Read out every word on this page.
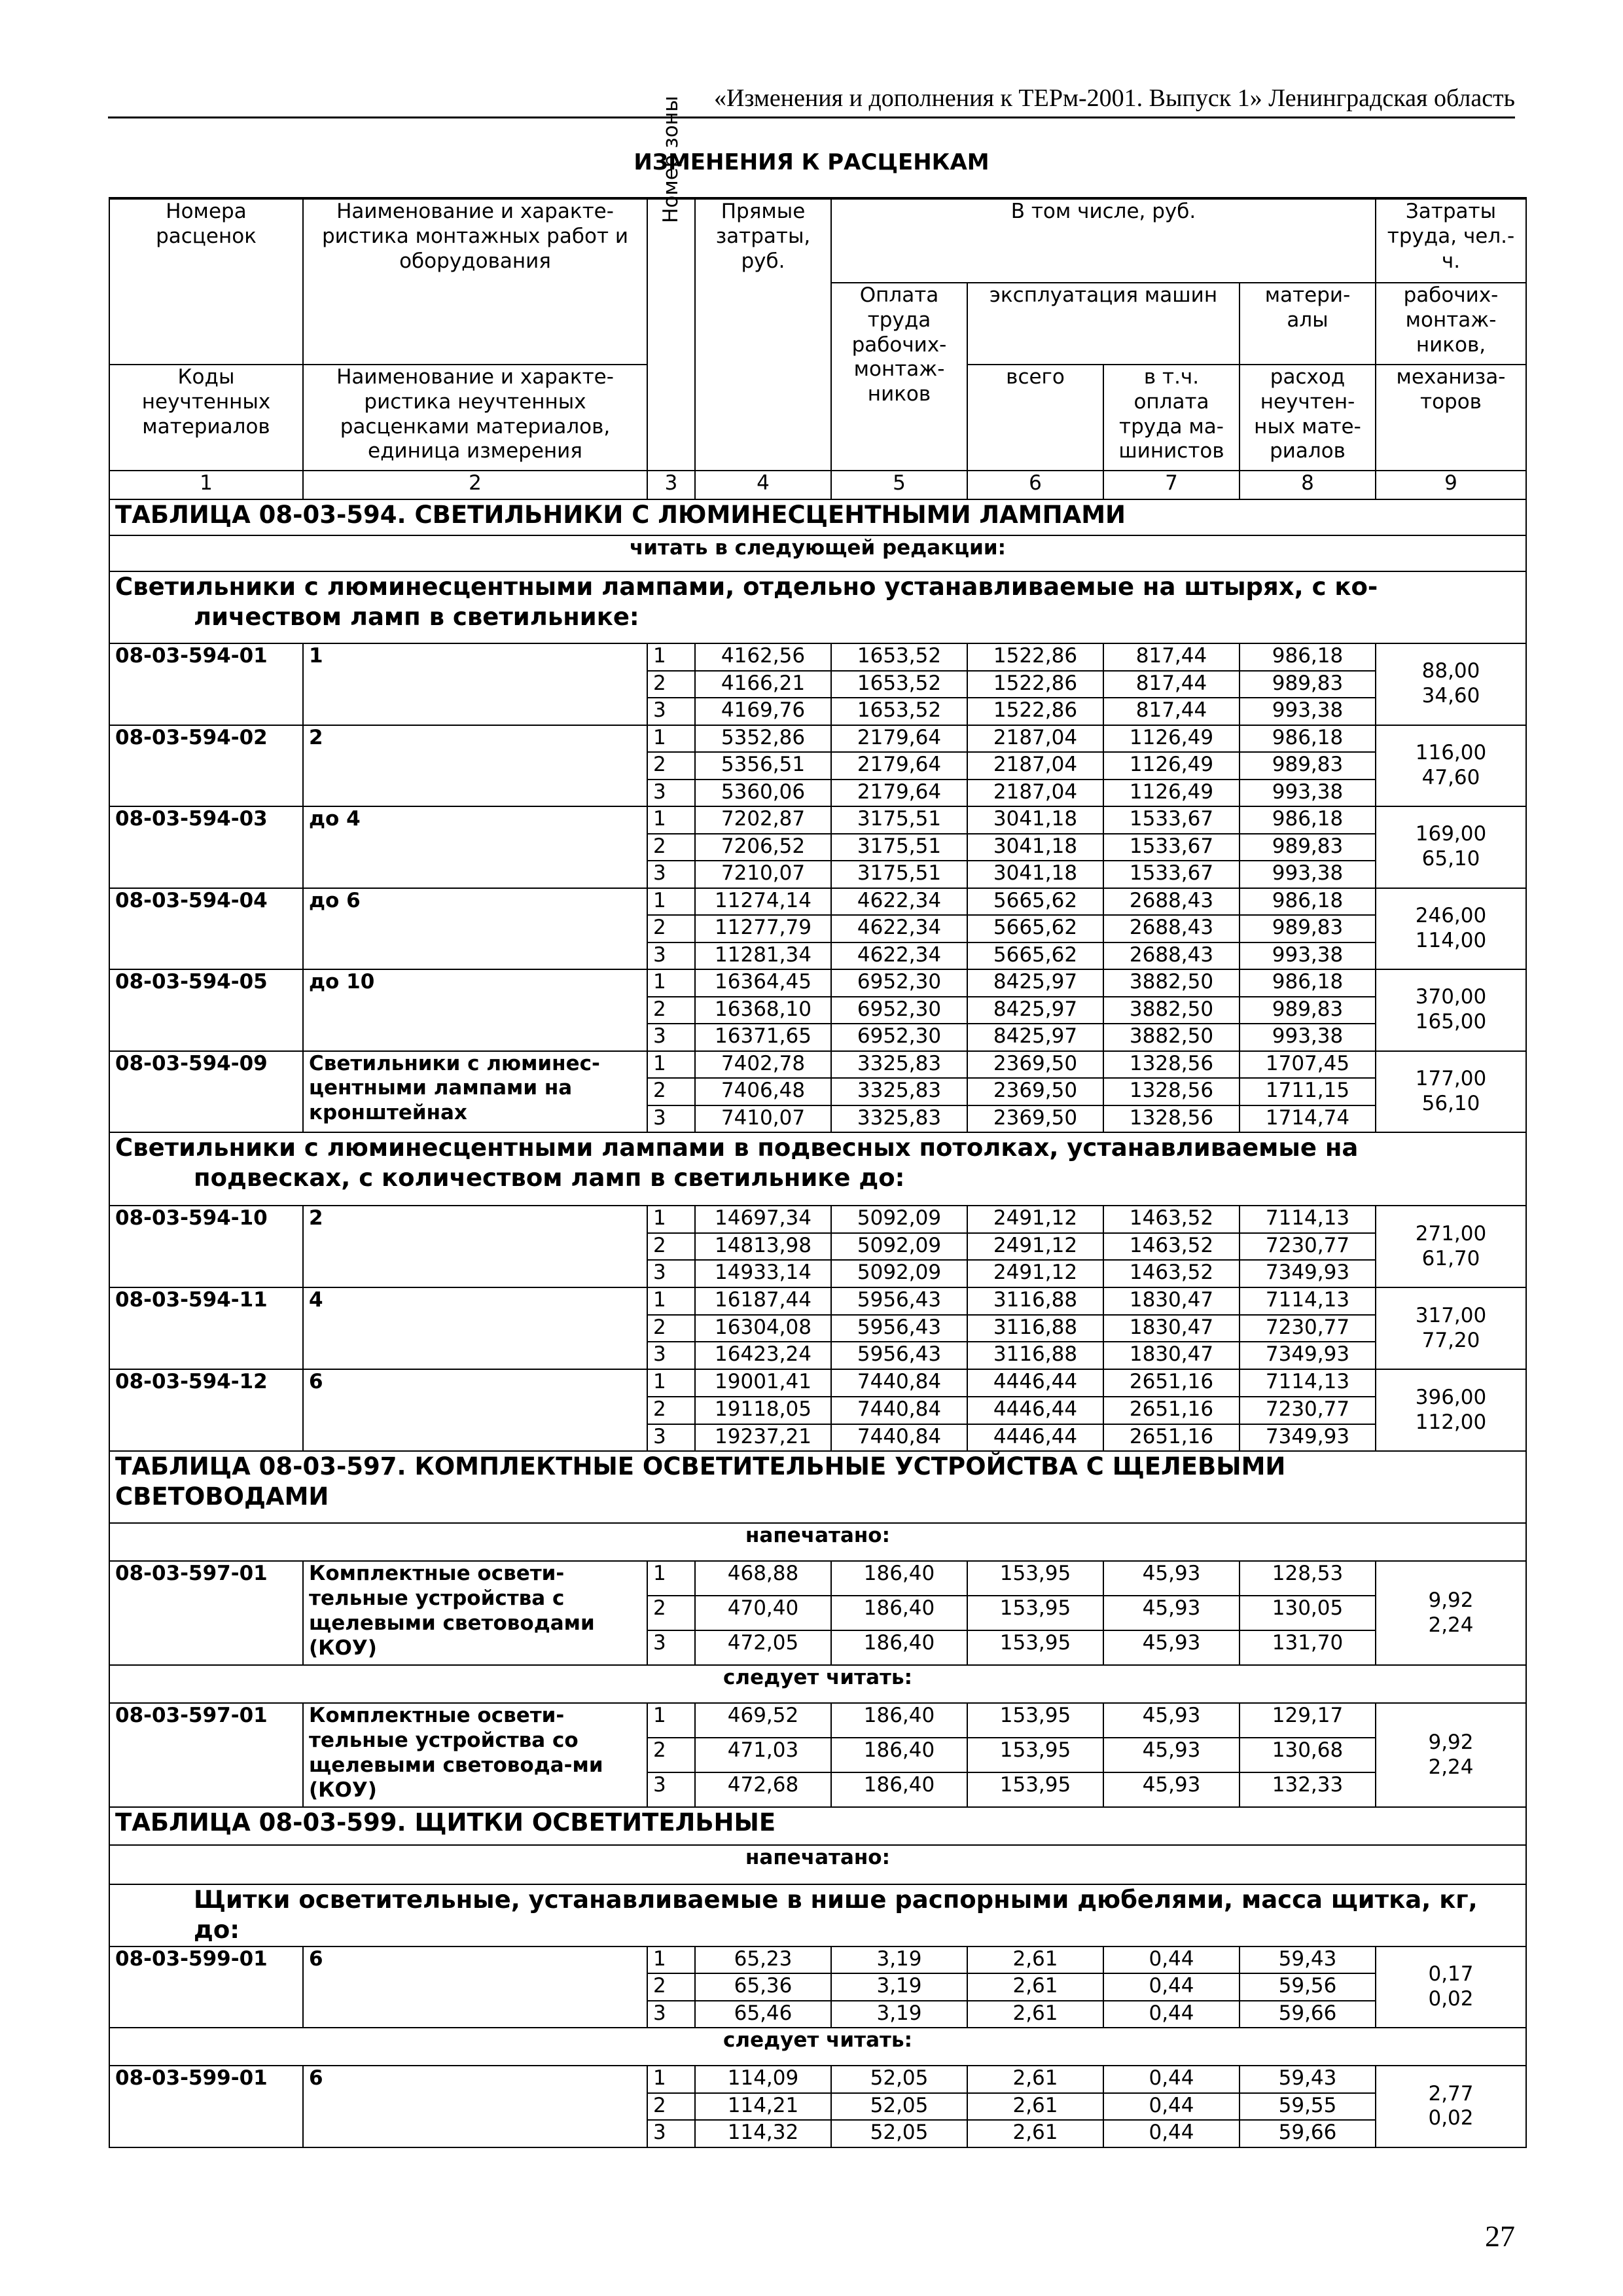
«Изменения и дополнения к ТЕРм-2001. Выпуск 1» Ленинградская область
ИЗМЕНЕНИЯ К РАСЦЕНКАМ

Номера расценок	Наименование и характе-ристика монтажных работ и оборудования	Номер зоны	Прямые затраты, руб.	В том числе, руб.				Затраты труда, чел.-ч.
				Оплата труда рабочих-монтаж-ников	эксплуатация машин		матери-алы	рабочих-монтаж-ников,
Коды неучтенных материалов	Наименование и характе-ристика неучтенных расценками материалов, единица измерения				всего	в т.ч. оплата труда ма-шинистов	расход неучтен-ных мате-риалов	механиза-торов
1	2	3	4	5	6	7	8	9

ТАБЛИЦА 08-03-594. СВЕТИЛЬНИКИ С ЛЮМИНЕСЦЕНТНЫМИ ЛАМПАМИ								

читать в следующей редакции:								

Светильники с люминесцентными лампами, отдельно устанавливаемые на штырях, с ко-
личеством ламп в светильнике:								

08-03-594-01	1	1	4162,56	1653,52	1522,86	817,44	986,18	88,00
34,60

		2	4166,21	1653,52	1522,86	817,44	989,83	
		3	4169,76	1653,52	1522,86	817,44	993,38	
08-03-594-02	2	1	5352,86	2179,64	2187,04	1126,49	986,18	116,00
47,60

		2	5356,51	2179,64	2187,04	1126,49	989,83	
		3	5360,06	2179,64	2187,04	1126,49	993,38	
08-03-594-03	до 4	1	7202,87	3175,51	3041,18	1533,67	986,18	169,00
65,10

		2	7206,52	3175,51	3041,18	1533,67	989,83	
		3	7210,07	3175,51	3041,18	1533,67	993,38	
08-03-594-04	до 6	1	11274,14	4622,34	5665,62	2688,43	986,18	246,00
114,00

		2	11277,79	4622,34	5665,62	2688,43	989,83	
		3	11281,34	4622,34	5665,62	2688,43	993,38	
08-03-594-05	до 10	1	16364,45	6952,30	8425,97	3882,50	986,18	370,00
165,00

		2	16368,10	6952,30	8425,97	3882,50	989,83	
		3	16371,65	6952,30	8425,97	3882,50	993,38	
08-03-594-09	Светильники с люминес-центными лампами на кронштейнах	1	7402,78	3325,83	2369,50	1328,56	1707,45	177,00
56,10

		2	7406,48	3325,83	2369,50	1328,56	1711,15	
		3	7410,07	3325,83	2369,50	1328,56	1714,74	

Светильники с люминесцентными лампами в подвесных потолках, устанавливаемые на
подвесках, с количеством ламп в светильнике до:								

08-03-594-10	2	1	14697,34	5092,09	2491,12	1463,52	7114,13	271,00
61,70

		2	14813,98	5092,09	2491,12	1463,52	7230,77	
		3	14933,14	5092,09	2491,12	1463,52	7349,93	
08-03-594-11	4	1	16187,44	5956,43	3116,88	1830,47	7114,13	317,00
77,20

		2	16304,08	5956,43	3116,88	1830,47	7230,77	
		3	16423,24	5956,43	3116,88	1830,47	7349,93	
08-03-594-12	6	1	19001,41	7440,84	4446,44	2651,16	7114,13	396,00
112,00

		2	19118,05	7440,84	4446,44	2651,16	7230,77	
		3	19237,21	7440,84	4446,44	2651,16	7349,93	

ТАБЛИЦА 08-03-597. КОМПЛЕКТНЫЕ ОСВЕТИТЕЛЬНЫЕ УСТРОЙСТВА С ЩЕЛЕВЫМИ
СВЕТОВОДАМИ								

напечатано:								

08-03-597-01	Комплектные освети-тельные устройства с щелевыми световодами (КОУ)	1	468,88	186,40	153,95	45,93	128,53	9,92
2,24

		2	470,40	186,40	153,95	45,93	130,05	
		3	472,05	186,40	153,95	45,93	131,70	

следует читать:								

08-03-597-01	Комплектные освети-тельные устройства со щелевыми световода-ми (КОУ)	1	469,52	186,40	153,95	45,93	129,17	9,92
2,24

		2	471,03	186,40	153,95	45,93	130,68	
		3	472,68	186,40	153,95	45,93	132,33	

ТАБЛИЦА 08-03-599. ЩИТКИ ОСВЕТИТЕЛЬНЫЕ								

напечатано:								

Щитки осветительные, устанавливаемые в нише распорными дюбелями, масса щитка, кг, до:								

08-03-599-01	6	1	65,23	3,19	2,61	0,44	59,43	0,17
0,02

		2	65,36	3,19	2,61	0,44	59,56	
		3	65,46	3,19	2,61	0,44	59,66	

следует читать:								

08-03-599-01	6	1	114,09	52,05	2,61	0,44	59,43	2,77
0,02

		2	114,21	52,05	2,61	0,44	59,55	
		3	114,32	52,05	2,61	0,44	59,66	
27
